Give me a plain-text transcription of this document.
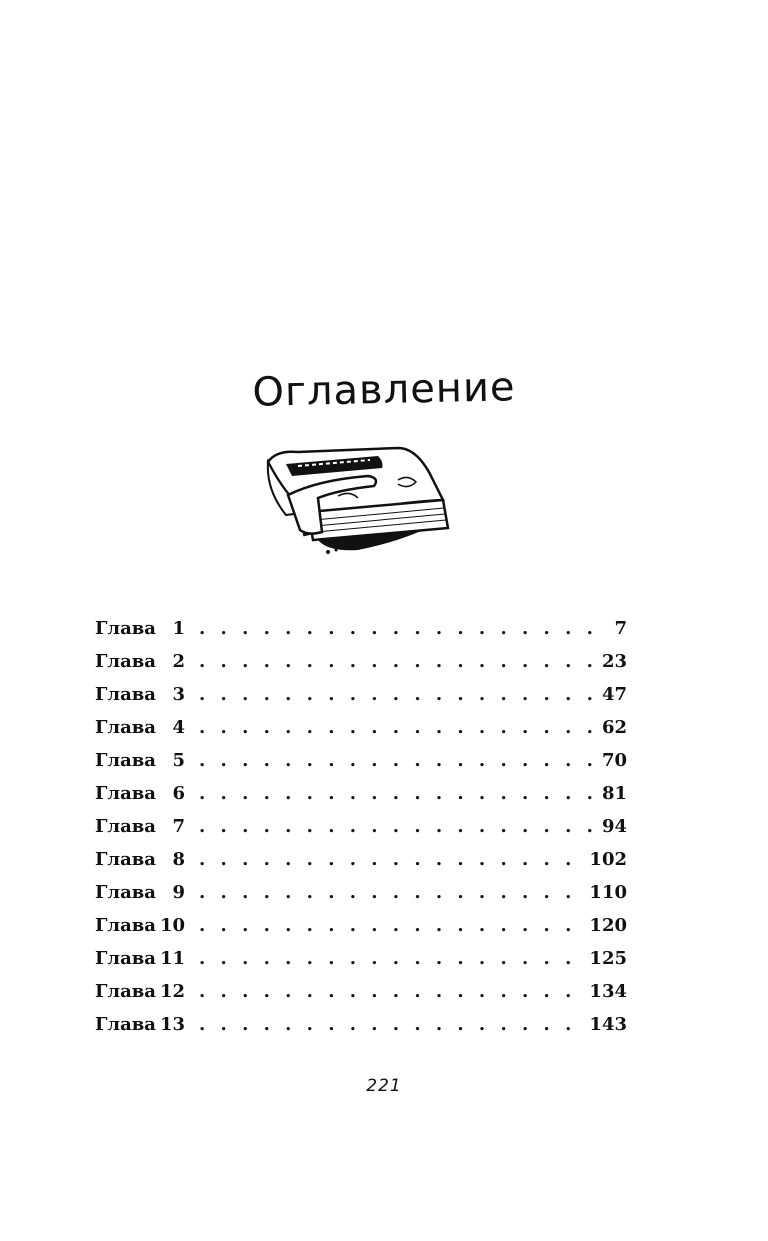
Оглавление
Глава 1 . . .	7
Глава 2 . . .	23
Глава 3 . . .	47
Глава 4 . . .	62
Глава 5 . . .	70
Глава 6 . . .	81
Глава 7 . . .	94
Глава 8 . . .	102
Глава 9 . . .	110
Глава 10 . . .	120
Глава 11 . . .	125
Глава 12 . . .	134
Глава 13 . . .	143
221
